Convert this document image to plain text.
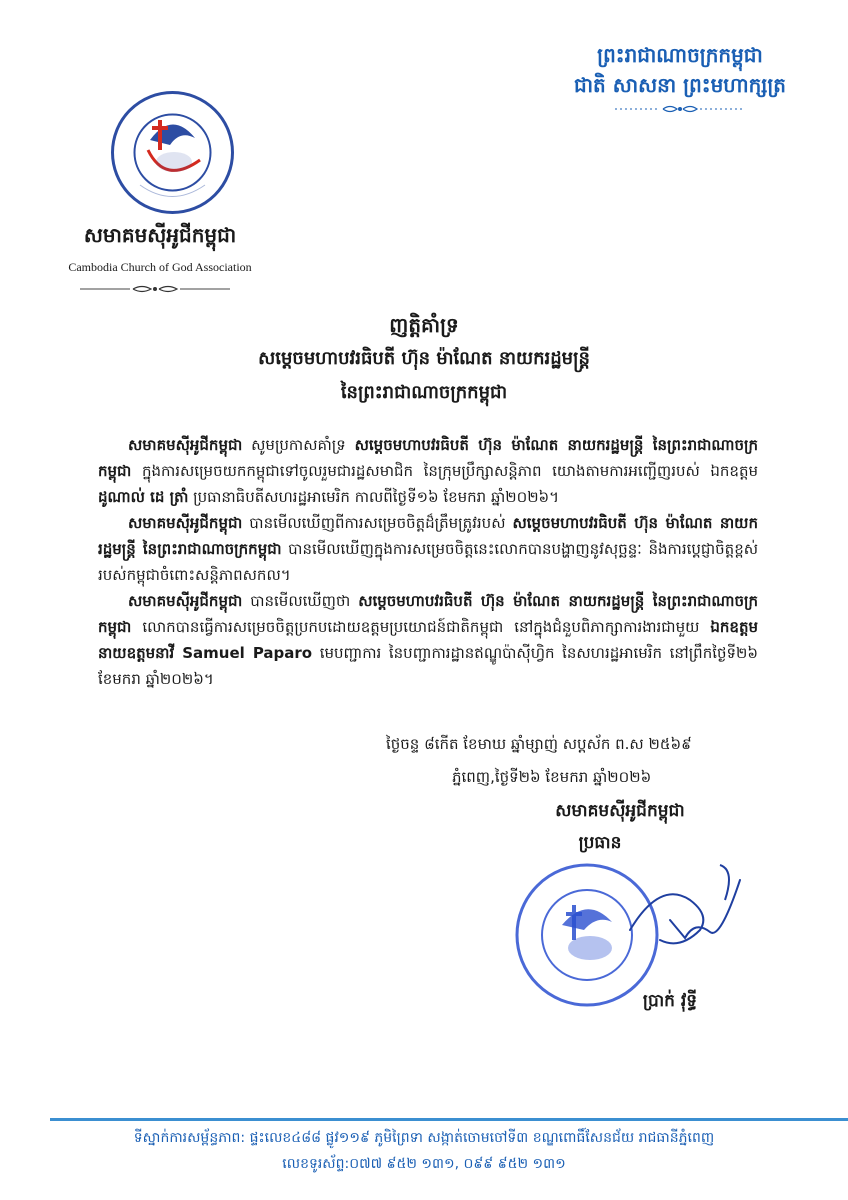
ព្រះរាជាណាចក្រកម្ពុជា
ជាតិ សាសនា ព្រះមហាក្សត្រ
សមាគមសុីអូជីកម្ពុជា
Cambodia Church of God Association
ញត្តិគាំទ្រ
សម្តេចមហាបវរធិបតី ហ៊ុន ម៉ាណែត នាយករដ្ឋមន្រ្តី
នៃព្រះរាជាណាចក្រកម្ពុជា

សមាគមសុីអូជីកម្ពុជា សូមប្រកាសគាំទ្រ សម្តេចមហាបវរធិបតី ហ៊ុន ម៉ាណែត នាយករដ្ឋមន្រ្តី នៃព្រះរាជាណាចក្រកម្ពុជា ក្នុងការសម្រេចយកកម្ពុជាទៅចូលរួមជារដ្ឋសមាជិក នៃក្រុមប្រឹក្សាសន្តិភាព យោងតាមការអញ្ជើញរបស់ ឯកឧត្តម ដូណាល់ ដេ ត្រាំ ប្រធានាធិបតីសហរដ្ឋអាមេរិក កាលពីថ្ងៃទី១៦ ខែមករា ឆ្នាំ២០២៦។

សមាគមសុីអូជីកម្ពុជា បានមើលឃើញពីការសម្រេចចិត្តដ៏ត្រឹមត្រូវរបស់ សម្តេចមហាបវរធិបតី ហ៊ុន ម៉ាណែត នាយករដ្ឋមន្រ្តី នៃព្រះរាជាណាចក្រកម្ពុជា បានមើលឃើញក្នុងការសម្រេចចិត្តនេះលោកបានបង្ហាញនូវសុច្ឆន្ទៈ និងការប្តេជ្ញាចិត្តខ្ពស់របស់កម្ពុជាចំពោះសន្តិភាពសកល។

សមាគមសុីអូជីកម្ពុជា បានមើលឃើញថា សម្តេចមហាបវរធិបតី ហ៊ុន ម៉ាណែត នាយករដ្ឋមន្រ្តី នៃព្រះរាជាណាចក្រកម្ពុជា លោកបានធ្វើការសម្រេចចិត្តប្រកបដោយឧត្តមប្រយោជន៍ជាតិកម្ពុជា នៅក្នុងជំនួបពិភាក្សាការងារជាមួយ ឯកឧត្តមនាយឧត្តមនាវី Samuel Paparo មេបញ្ជាការ នៃបញ្ជាការដ្ឋានឥណ្ឌូប៉ាសុីហ្វិក នៃសហរដ្ឋអាមេរិក នៅព្រឹកថ្ងៃទី២៦ ខែមករា ឆ្នាំ២០២៦។

ថ្ងៃចន្ទ ៨កើត ខែមាឃ ឆ្នាំម្សាញ់ សប្តស័ក ព.ស ២៥៦៩
ភ្នំពេញ,ថ្ងៃទី២៦ ខែមករា ឆ្នាំ២០២៦
សមាគមសុីអូជីកម្ពុជា
ប្រធាន
ប្រាក់ វុទ្ធី
ទីស្នាក់ការសម្ព័ន្ធភាព: ផ្ទះលេខ៤៨៨ ផ្លូវ១១៩ ភូមិព្រៃទា សង្កាត់ចោមចៅទី៣ ខណ្ឌពោធិ៍សែនជ័យ រាជធានីភ្នំពេញ
លេខទូរស័ព្ទ:០៧៧ ៩៥២ ១៣១, ០៩៩ ៩៥២ ១៣១
